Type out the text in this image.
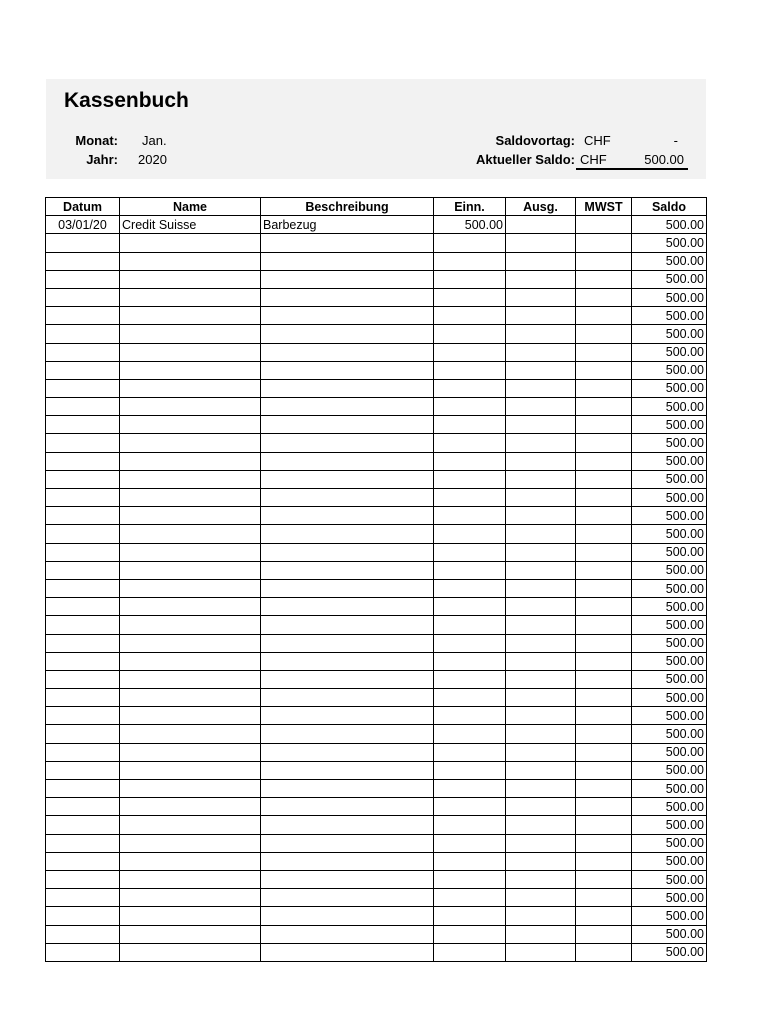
Kassenbuch
Monat: Jan.
Jahr: 2020
Saldovortag: CHF	-
Aktueller Saldo: CHF	500.00
Datum	Name	Beschreibung	Einn.	Ausg.	MWST	Saldo
03/01/20	Credit Suisse	Barbezug	500.00			500.00
						500.00
						500.00
						500.00
						500.00
						500.00
						500.00
						500.00
						500.00
						500.00
						500.00
						500.00
						500.00
						500.00
						500.00
						500.00
						500.00
						500.00
						500.00
						500.00
						500.00
						500.00
						500.00
						500.00
						500.00
						500.00
						500.00
						500.00
						500.00
						500.00
						500.00
						500.00
						500.00
						500.00
						500.00
						500.00
						500.00
						500.00
						500.00
						500.00
						500.00
